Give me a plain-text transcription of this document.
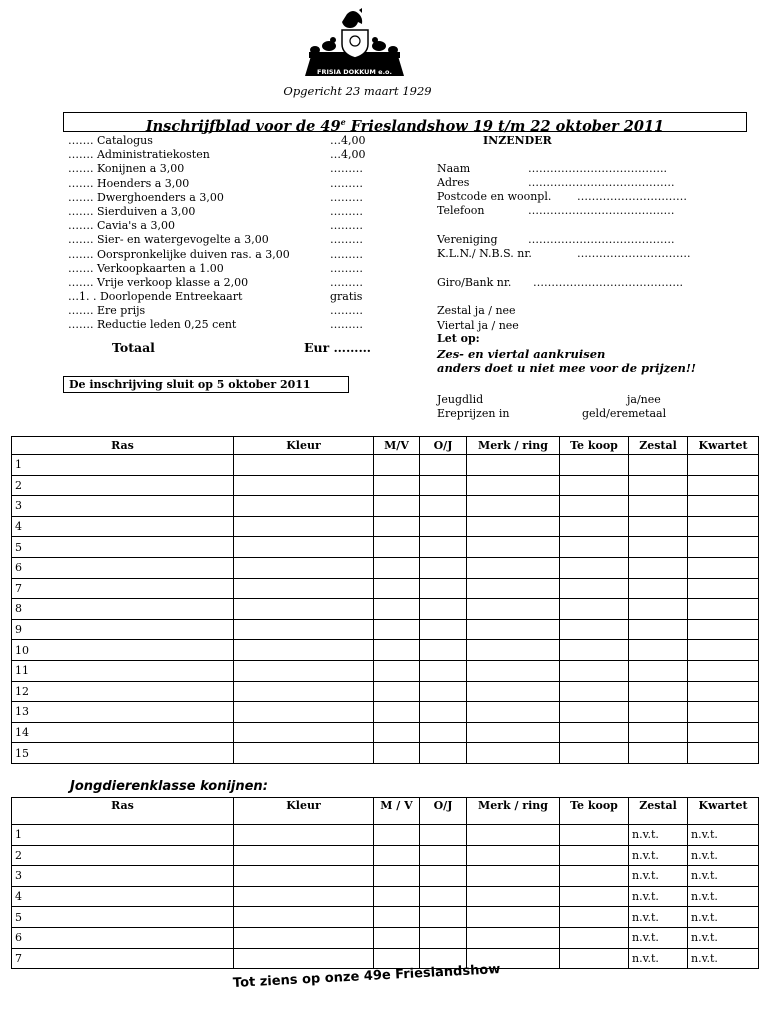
FRISIA DOKKUM e.o.
Opgericht 23 maart 1929
Inschrijfblad voor de 49e Frieslandshow 19 t/m 22 oktober 2011
……. Catalogus	…4,00
……. Administratiekosten	…4,00
……. Konijnen a 3,00	………
……. Hoenders a 3,00	………
……. Dwerghoenders a 3,00	………
……. Sierduiven a 3,00	………
……. Cavia's a 3,00	………
……. Sier- en watergevogelte a 3,00	………
……. Oorspronkelijke duiven ras. a 3,00	………
……. Verkoopkaarten a 1.00	………
……. Vrije verkoop klasse a 2,00	………
…1. . Doorlopende Entreekaart	gratis
……. Ere prijs	………
……. Reductie leden 0,25 cent	………
Totaal	Eur ………
De inschrijving sluit op 5 oktober 2011
INZENDER
Naam	………………………………..
Adres	………………………………….
Postcode en woonpl. …………………………
Telefoon	……………………………….…
Vereniging	………………………………….
K.L.N./ N.B.S. nr.	………………………….
Giro/Bank nr. …………………………………..
Zestal ja / nee
Viertal ja / nee
Let op:
Zes- en viertal aankruisen
anders doet u niet mee voor de prijzen!!
Jeugdlid	ja/nee
Ereprijzen in	geld/eremetaal
Ras	Kleur	M/V	O/J	Merk / ring	Te koop	Zestal	Kwartet
1							
2							
3							
4							
5							
6							
7							
8							
9							
10							
11							
12							
13							
14							
15							
Jongdierenklasse konijnen:
Ras	Kleur	M / V	O/J	Merk / ring	Te koop	Zestal	Kwartet
1						n.v.t.	n.v.t.
2						n.v.t.	n.v.t.
3						n.v.t.	n.v.t.
4						n.v.t.	n.v.t.
5						n.v.t.	n.v.t.
6						n.v.t.	n.v.t.
7						n.v.t.	n.v.t.
Tot ziens op onze 49e Frieslandshow
